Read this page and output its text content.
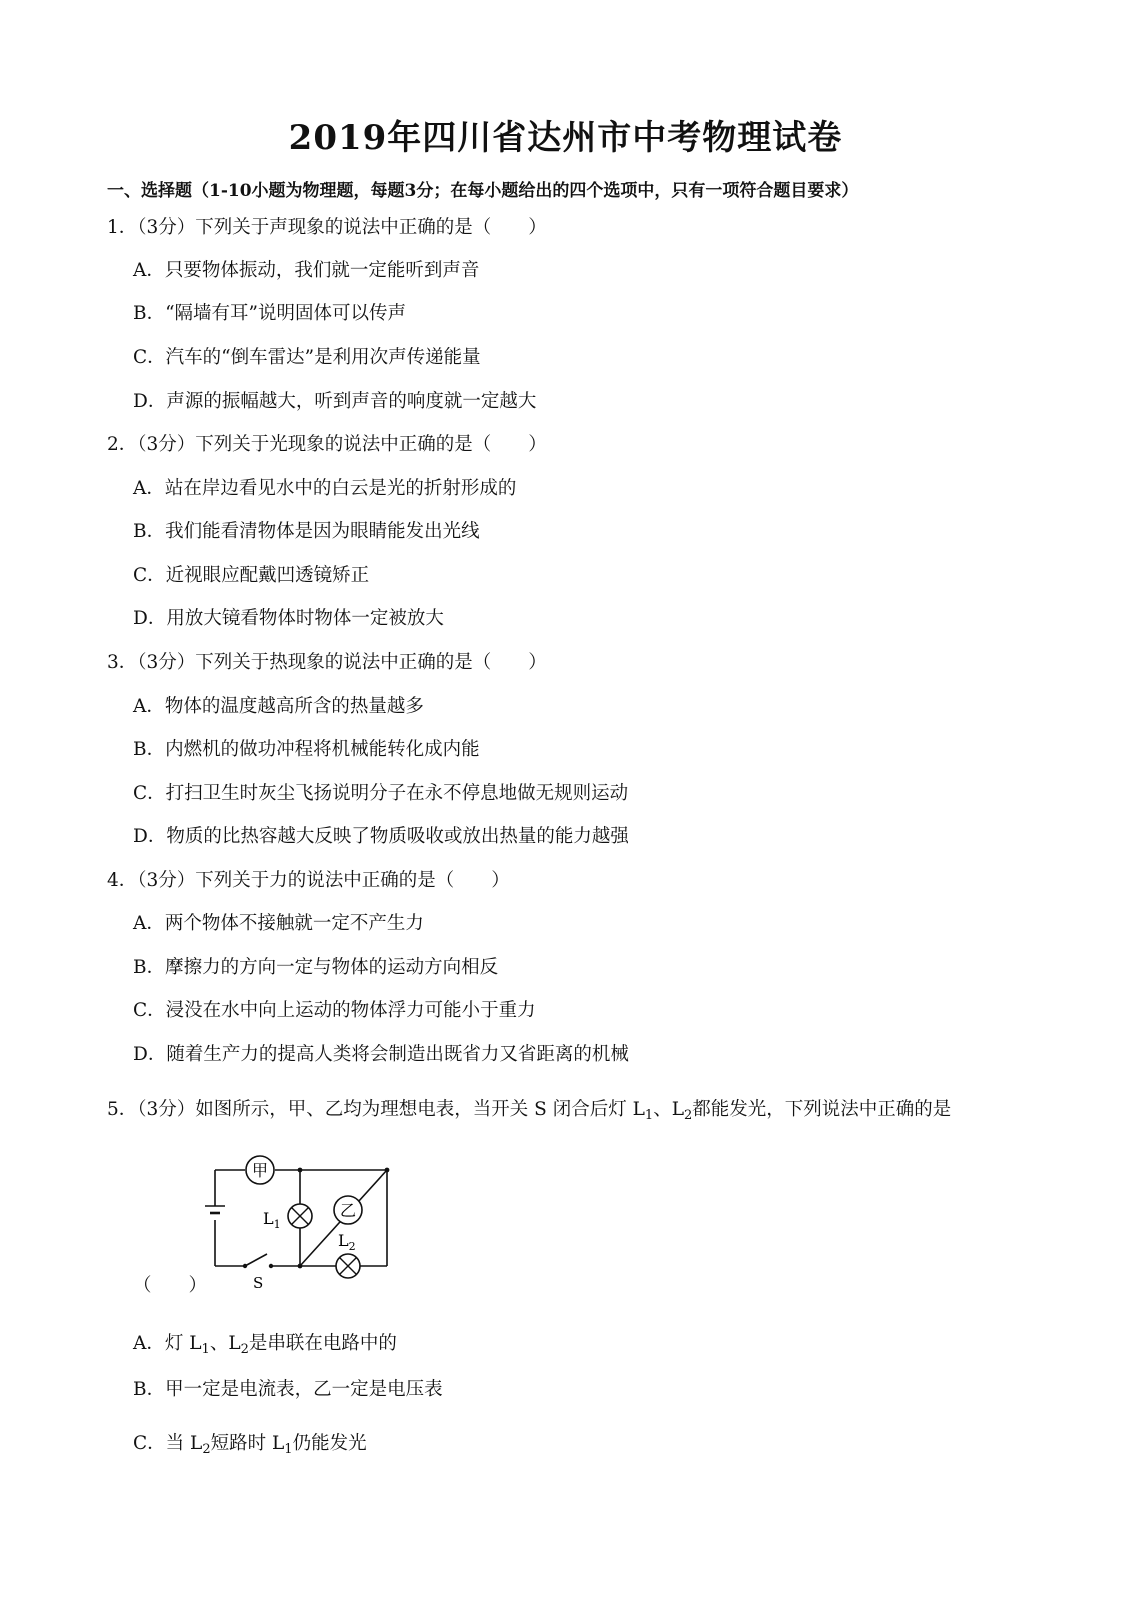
2019年四川省达州市中考物理试卷
一、选择题（1-10小题为物理题，每题3分；在每小题给出的四个选项中，只有一项符合题目要求）
1．（3分）下列关于声现象的说法中正确的是（　　）
A．只要物体振动，我们就一定能听到声音
B．“隔墙有耳”说明固体可以传声
C．汽车的“倒车雷达”是利用次声传递能量
D．声源的振幅越大，听到声音的响度就一定越大
2．（3分）下列关于光现象的说法中正确的是（　　）
A．站在岸边看见水中的白云是光的折射形成的
B．我们能看清物体是因为眼睛能发出光线
C．近视眼应配戴凹透镜矫正
D．用放大镜看物体时物体一定被放大
3．（3分）下列关于热现象的说法中正确的是（　　）
A．物体的温度越高所含的热量越多
B．内燃机的做功冲程将机械能转化成内能
C．打扫卫生时灰尘飞扬说明分子在永不停息地做无规则运动
D．物质的比热容越大反映了物质吸收或放出热量的能力越强
4．（3分）下列关于力的说法中正确的是（　　）
A．两个物体不接触就一定不产生力
B．摩擦力的方向一定与物体的运动方向相反
C．浸没在水中向上运动的物体浮力可能小于重力
D．随着生产力的提高人类将会制造出既省力又省距离的机械
5．（3分）如图所示，甲、乙均为理想电表，当开关 S 闭合后灯 $L_1$、$L_2$都能发光，下列说法中正确的是
甲
$L_1$
乙
$L_2$
S
（　　）
A．灯 $L_1$、$L_2$是串联在电路中的
B．甲一定是电流表，乙一定是电压表
C．当 $L_2$短路时 $L_1$仍能发光
